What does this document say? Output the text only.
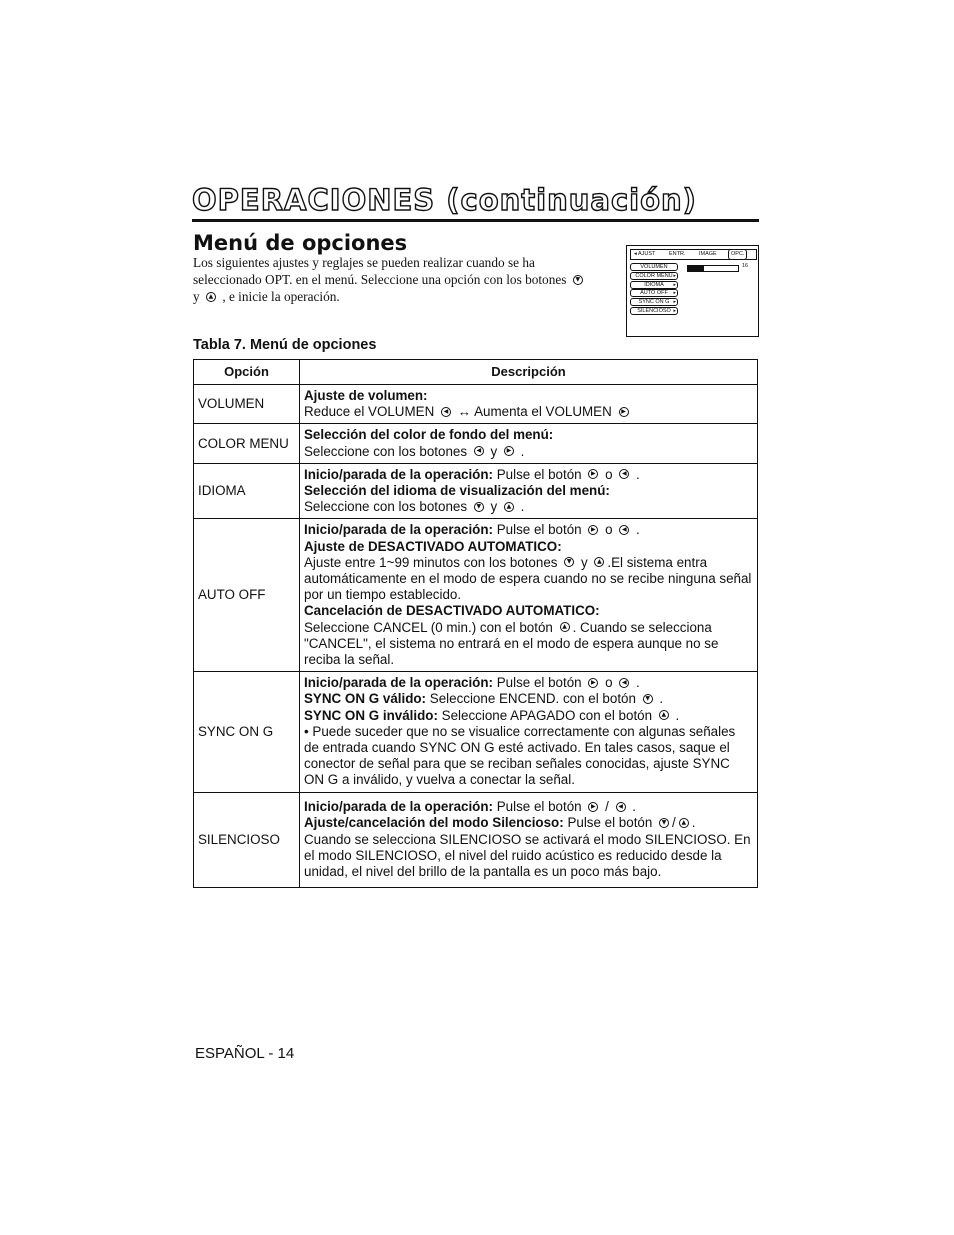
OPERACIONES (continuación)
Menú de opciones
Los siguientes ajustes y reglajes se pueden realizar cuando se ha
seleccionado OPT. en el menú. Seleccione una opción con los botones ▼
y ▲ , e inicie la operación.
◂ AJUST ENTR. IMAGE	OPC.
VOLUMEN
COLOR MENU ▸
IDIOMA ▸
AUTO OFF ▸
SYNC ON G ▸
SILENCIOSO ▸
16
Tabla 7. Menú de opciones
Opción	Descripción
VOLUMEN	Ajuste de volumen:
Reduce el VOLUMEN ◀ ↔ Aumenta el VOLUMEN ▶
COLOR MENU	Selección del color de fondo del menú:
Seleccione con los botones ◀ y ▶ .
IDIOMA	Inicio/parada de la operación: Pulse el botón ▶ o ◀ .
Selección del idioma de visualización del menú:
Seleccione con los botones ▼ y ▲ .
AUTO OFF	Inicio/parada de la operación: Pulse el botón ▶ o ◀ .
Ajuste de DESACTIVADO AUTOMATICO:
Ajuste entre 1~99 minutos con los botones ▼ y ▲ .El sistema entra automáticamente en el modo de espera cuando no se recibe ninguna señal por un tiempo establecido.
Cancelación de DESACTIVADO AUTOMATICO:
Seleccione CANCEL (0 min.) con el botón ▲ . Cuando se selecciona "CANCEL", el sistema no entrará en el modo de espera aunque no se reciba la señal.
SYNC ON G	Inicio/parada de la operación: Pulse el botón ▶ o ◀ .
SYNC ON G válido: Seleccione ENCEND. con el botón ▼ .
SYNC ON G inválido: Seleccione APAGADO con el botón ▲ .
• Puede suceder que no se visualice correctamente con algunas señales de entrada cuando SYNC ON G esté activado. En tales casos, saque el conector de señal para que se reciban señales conocidas, ajuste SYNC ON G a inválido, y vuelva a conectar la señal.
SILENCIOSO	Inicio/parada de la operación: Pulse el botón ▶ / ◀ .
Ajuste/cancelación del modo Silencioso: Pulse el botón ▼ / ▲ .
Cuando se selecciona SILENCIOSO se activará el modo SILENCIOSO. En el modo SILENCIOSO, el nivel del ruido acústico es reducido desde la unidad, el nivel del brillo de la pantalla es un poco más bajo.
ESPAÑOL - 14
